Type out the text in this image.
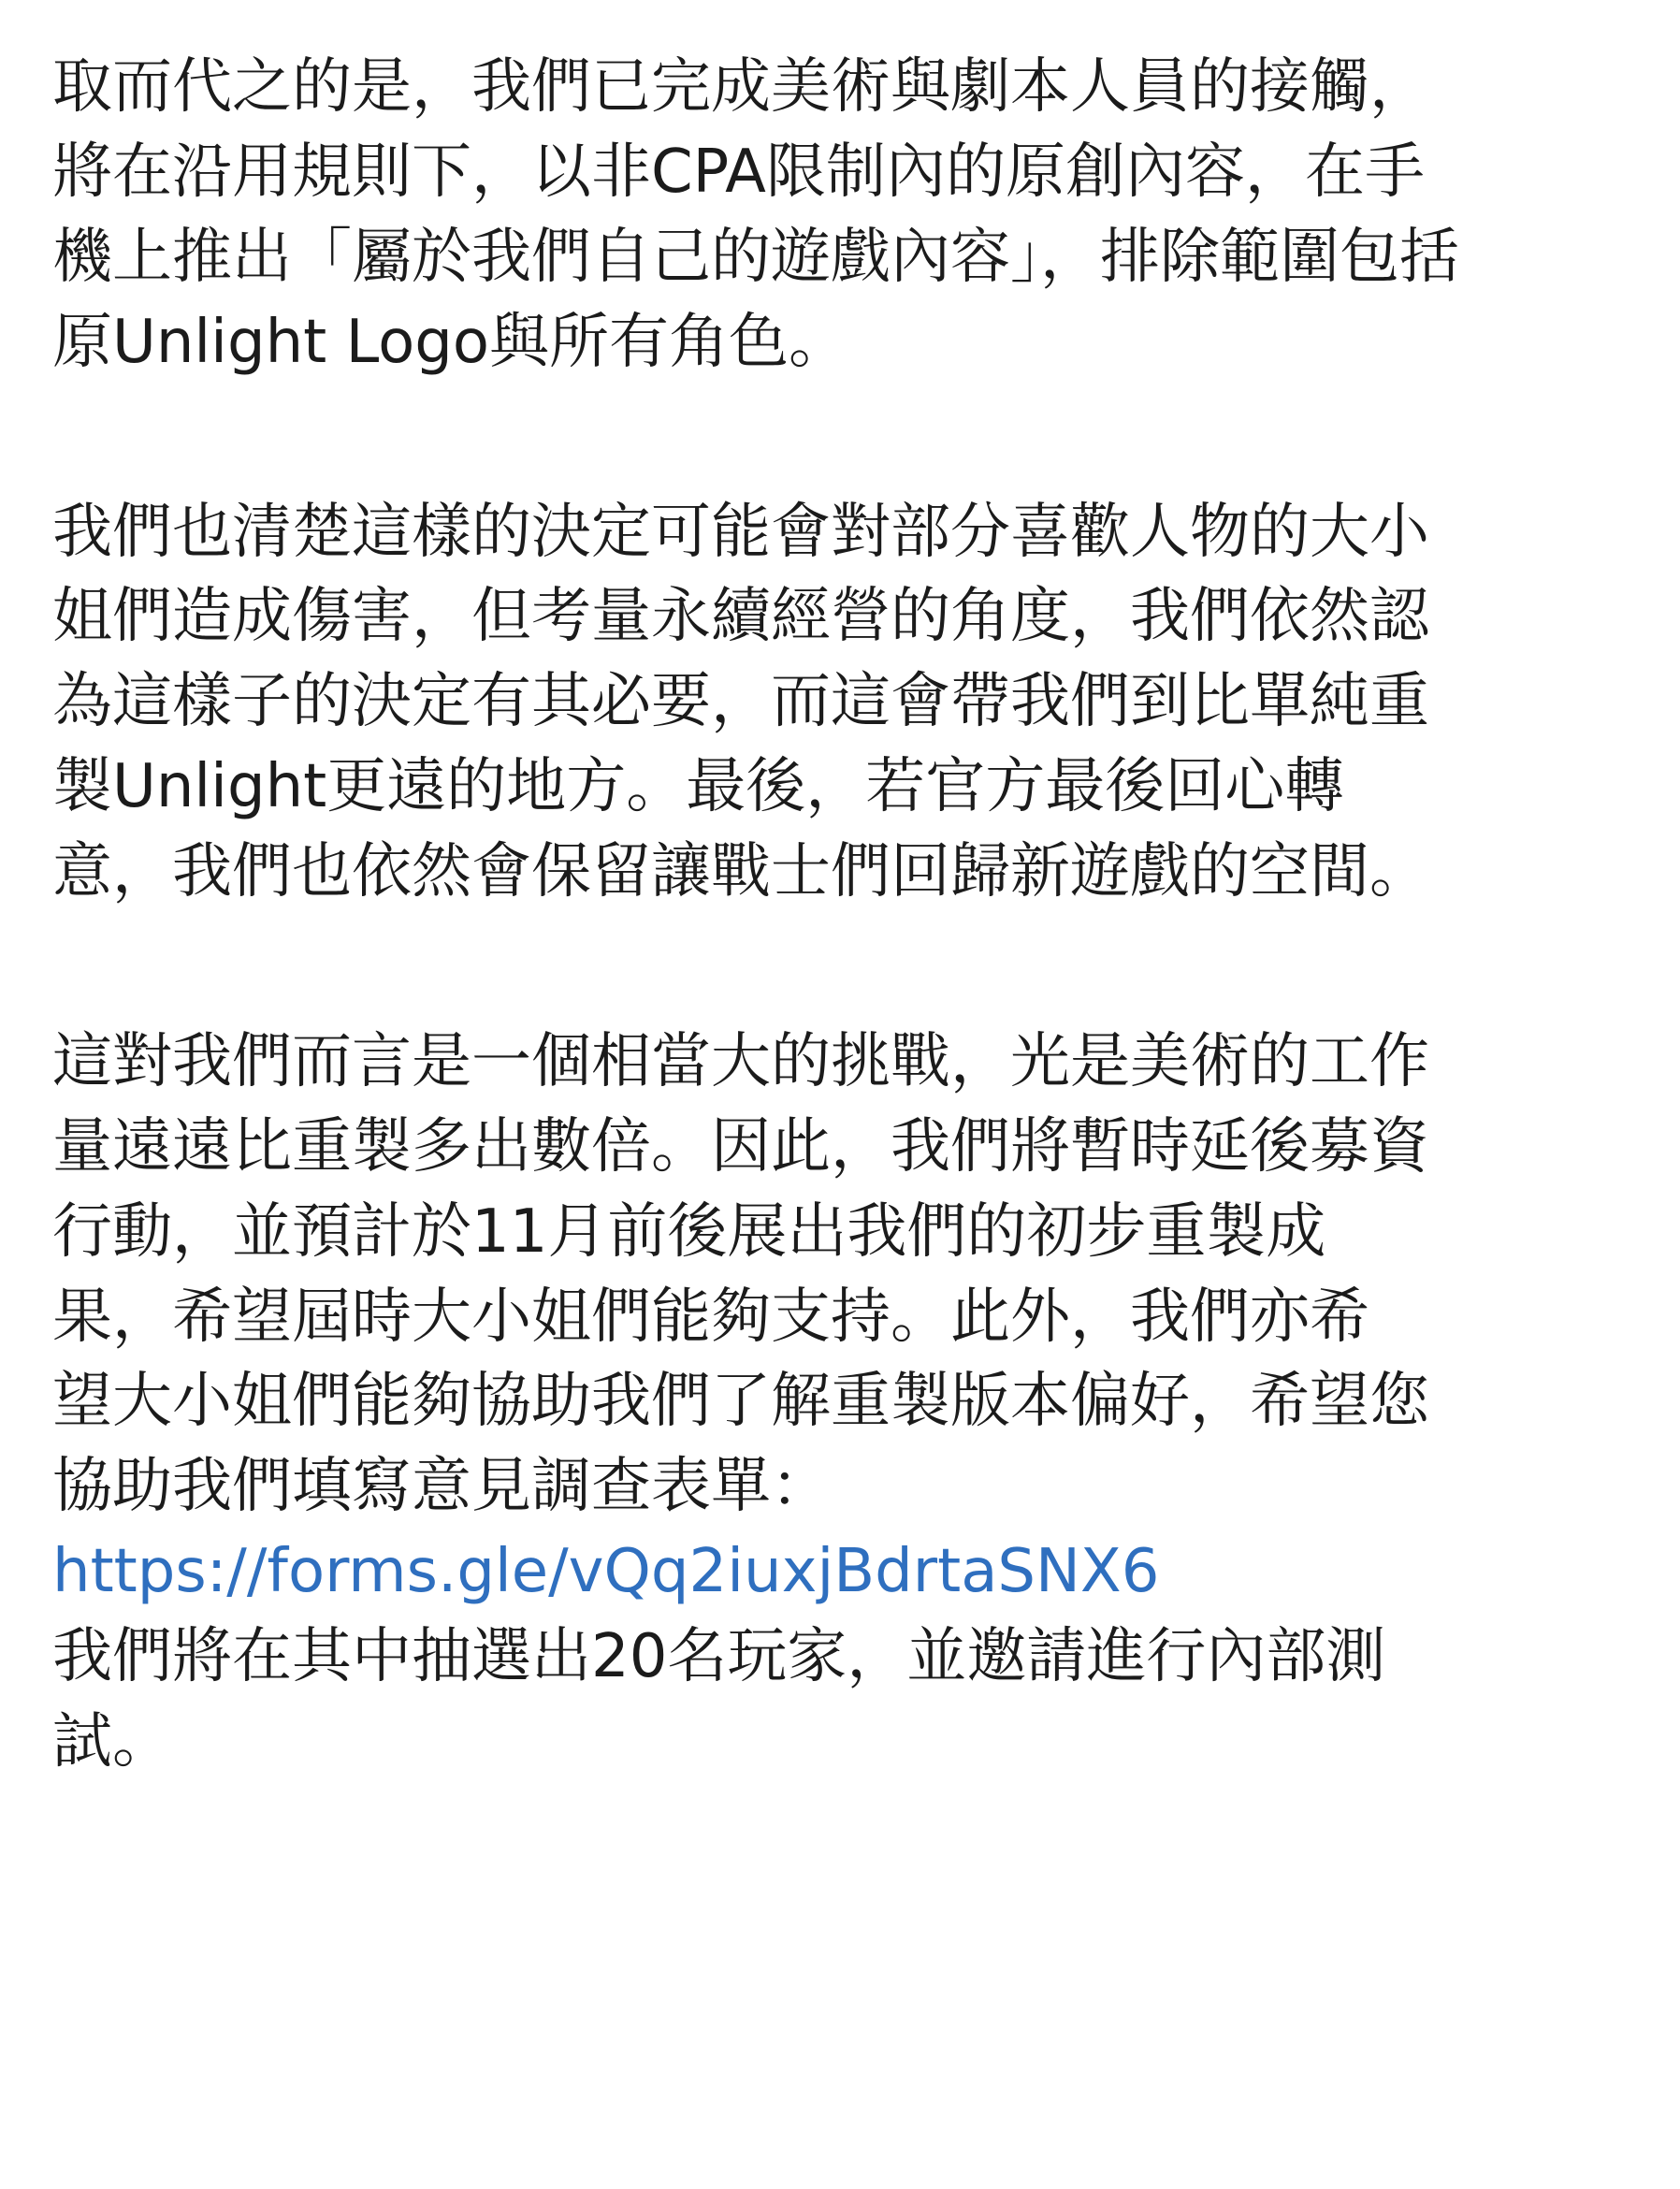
取而代之的是，我們已完成美術與劇本人員的接觸，
將在沿用規則下，以非CPA限制內的原創內容，在手
機上推出「屬於我們自己的遊戲內容」，排除範圍包括
原Unlight Logo與所有角色。

我們也清楚這樣的決定可能會對部分喜歡人物的大小
姐們造成傷害，但考量永續經營的角度，我們依然認
為這樣子的決定有其必要，而這會帶我們到比單純重
製Unlight更遠的地方。最後，若官方最後回心轉
意，我們也依然會保留讓戰士們回歸新遊戲的空間。

這對我們而言是一個相當大的挑戰，光是美術的工作
量遠遠比重製多出數倍。因此，我們將暫時延後募資
行動，並預計於11月前後展出我們的初步重製成
果，希望屆時大小姐們能夠支持。此外，我們亦希
望大小姐們能夠協助我們了解重製版本偏好，希望您
協助我們填寫意見調查表單：
https://forms.gle/vQq2iuxjBdrtaSNX6
我們將在其中抽選出20名玩家，並邀請進行內部測
試。
